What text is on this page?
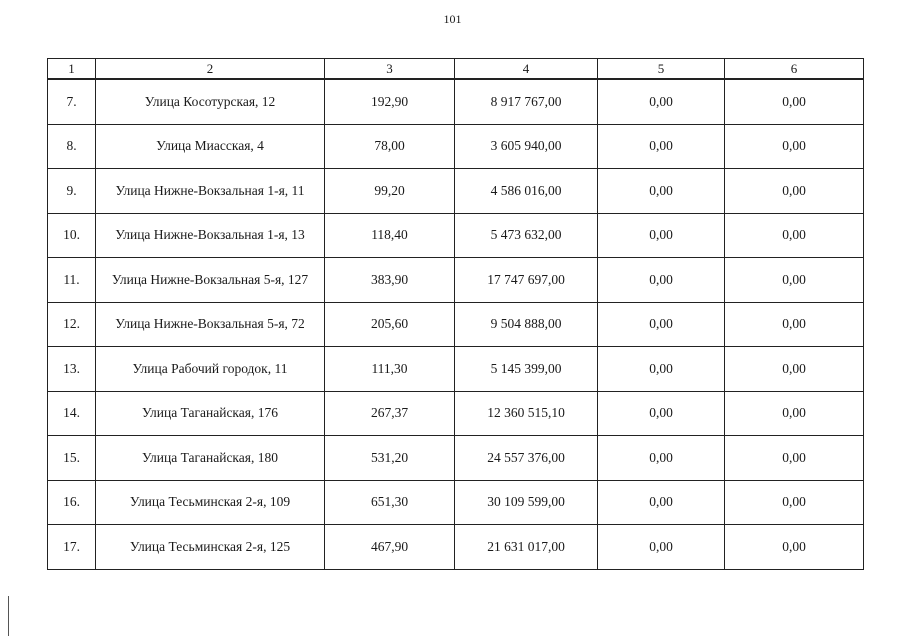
101
1	2	3	4	5	6
7.	Улица Косотурская, 12	192,90	8 917 767,00	0,00	0,00
8.	Улица Миасская, 4	78,00	3 605 940,00	0,00	0,00
9.	Улица Нижне-Вокзальная 1-я, 11	99,20	4 586 016,00	0,00	0,00
10.	Улица Нижне-Вокзальная 1-я, 13	118,40	5 473 632,00	0,00	0,00
11.	Улица Нижне-Вокзальная 5-я, 127	383,90	17 747 697,00	0,00	0,00
12.	Улица Нижне-Вокзальная 5-я, 72	205,60	9 504 888,00	0,00	0,00
13.	Улица Рабочий городок, 11	111,30	5 145 399,00	0,00	0,00
14.	Улица Таганайская, 176	267,37	12 360 515,10	0,00	0,00
15.	Улица Таганайская, 180	531,20	24 557 376,00	0,00	0,00
16.	Улица Тесьминская 2-я, 109	651,30	30 109 599,00	0,00	0,00
17.	Улица Тесьминская 2-я, 125	467,90	21 631 017,00	0,00	0,00
